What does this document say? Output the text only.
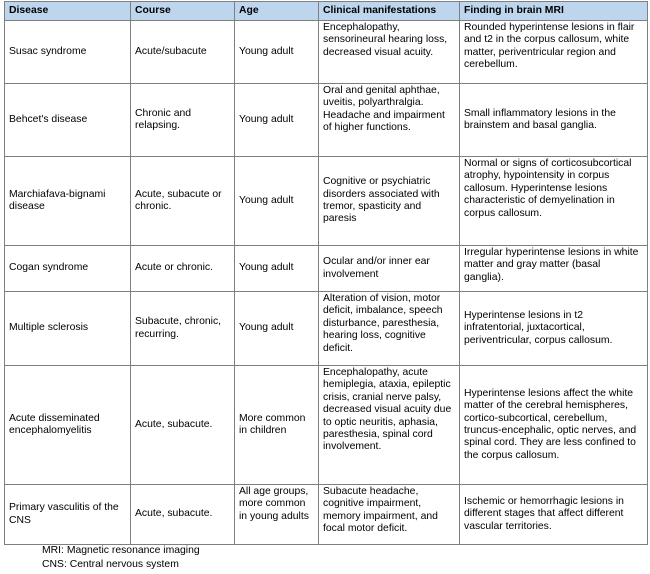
Disease	Course	Age	Clinical manifestations	Finding in brain MRI
Susac syndrome	Acute/subacute	Young adult	Encephalopathy, sensorineural hearing loss, decreased visual acuity.	Rounded hyperintense lesions in flair and t2 in the corpus callosum, white matter, periventricular region and cerebellum.
Behcet's disease	Chronic and relapsing.	Young adult	Oral and genital aphthae, uveitis, polyarthralgia. Headache and impairment of higher functions.	Small inflammatory lesions in the brainstem and basal ganglia.
Marchiafava-bignami disease	Acute, subacute or chronic.	Young adult	Cognitive or psychiatric disorders associated with tremor, spasticity and paresis	Normal or signs of corticosubcortical atrophy, hypointensity in corpus callosum. Hyperintense lesions characteristic of demyelination in corpus callosum.
Cogan syndrome	Acute or chronic.	Young adult	Ocular and/or inner ear involvement	Irregular hyperintense lesions in white matter and gray matter (basal ganglia).
Multiple sclerosis	Subacute, chronic, recurring.	Young adult	Alteration of vision, motor deficit, imbalance, speech disturbance, paresthesia, hearing loss, cognitive deficit.	Hyperintense lesions in t2 infratentorial, juxtacortical, periventricular, corpus callosum.
Acute disseminated encephalomyelitis	Acute, subacute.	More common in children	Encephalopathy, acute hemiplegia, ataxia, epileptic crisis, cranial nerve palsy, decreased visual acuity due to optic neuritis, aphasia, paresthesia, spinal cord involvement.	Hyperintense lesions affect the white matter of the cerebral hemispheres, cortico-subcortical, cerebellum, truncus-encephalic, optic nerves, and spinal cord. They are less confined to the corpus callosum.
Primary vasculitis of the CNS	Acute, subacute.	All age groups, more common in young adults	Subacute headache, cognitive impairment, memory impairment, and focal motor deficit.	Ischemic or hemorrhagic lesions in different stages that affect different vascular territories.
MRI: Magnetic resonance imaging
CNS: Central nervous system
